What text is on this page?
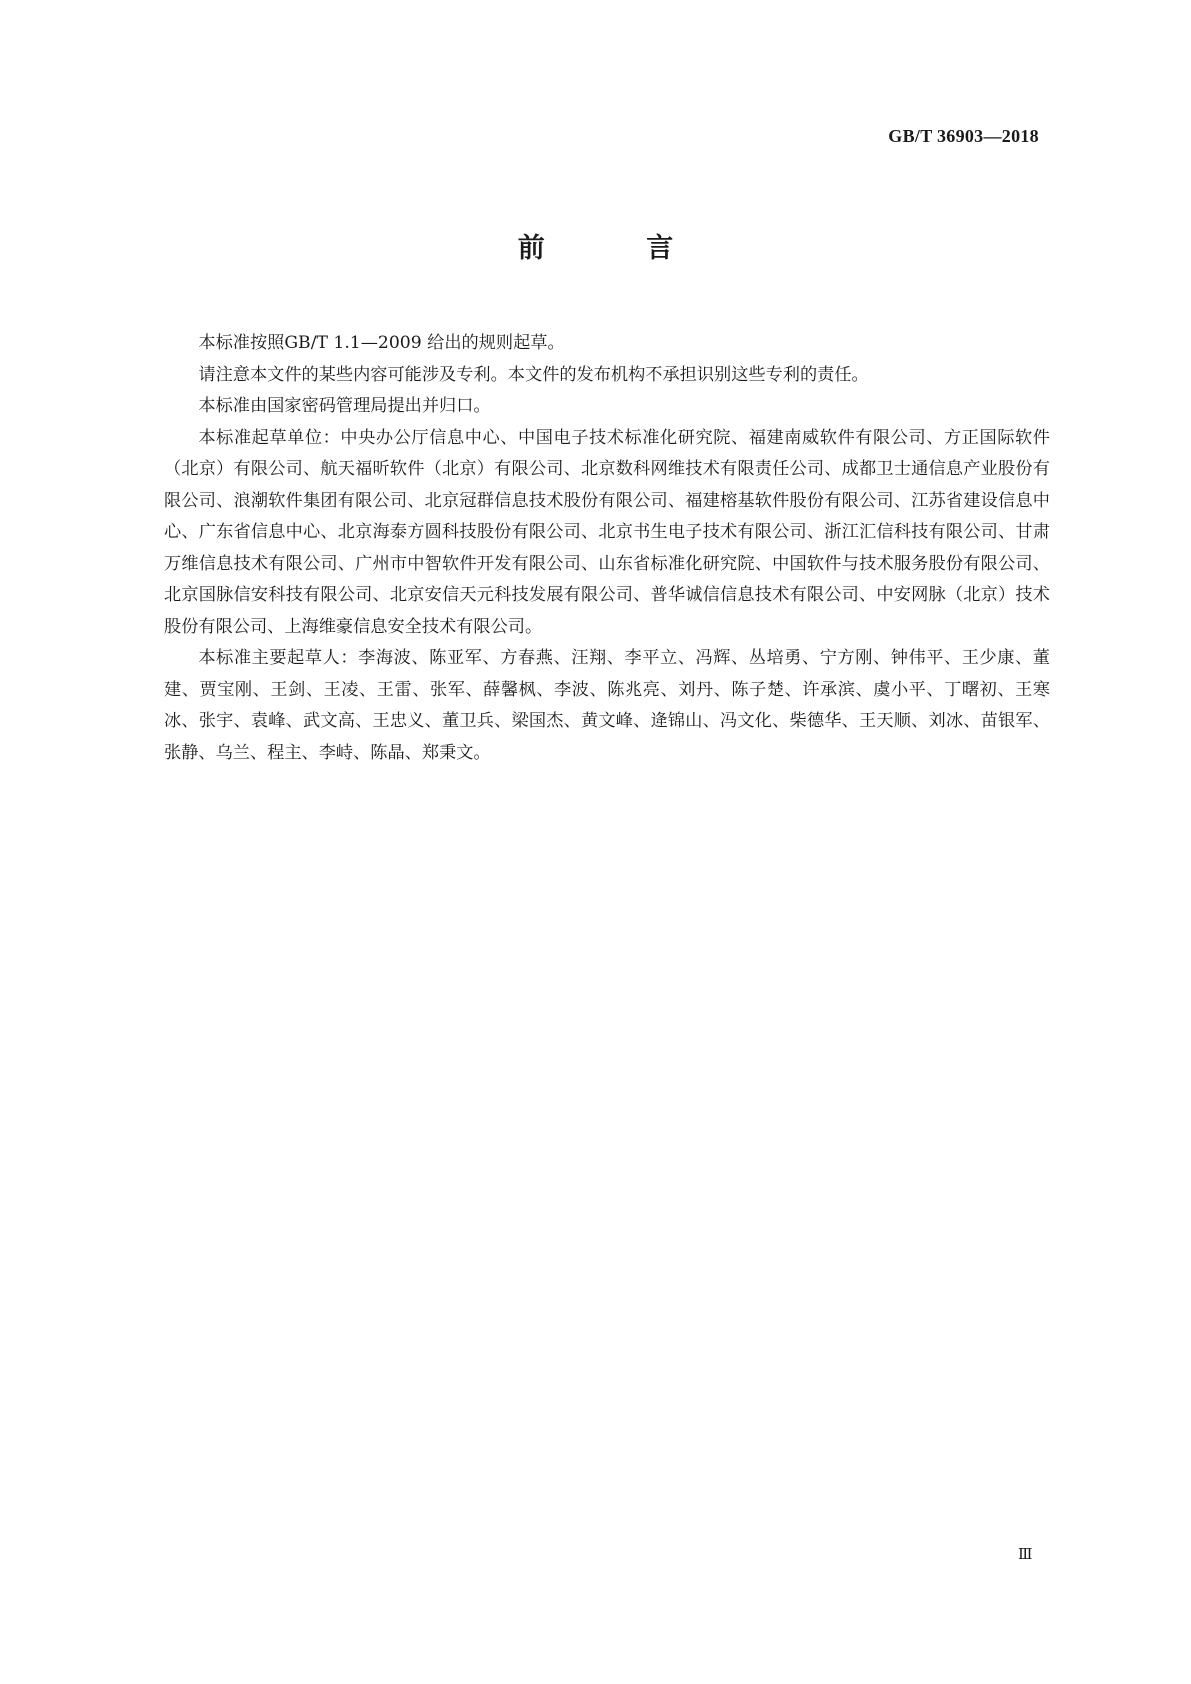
GB/T 36903—2018
前 言

本标准按照GB/T 1.1—2009 给出的规则起草。

请注意本文件的某些内容可能涉及专利。本文件的发布机构不承担识别这些专利的责任。

本标准由国家密码管理局提出并归口。

本标准起草单位：中央办公厅信息中心、中国电子技术标准化研究院、福建南威软件有限公司、方正国际软件（北京）有限公司、航天福昕软件（北京）有限公司、北京数科网维技术有限责任公司、成都卫士通信息产业股份有限公司、浪潮软件集团有限公司、北京冠群信息技术股份有限公司、福建榕基软件股份有限公司、江苏省建设信息中心、广东省信息中心、北京海泰方圆科技股份有限公司、北京书生电子技术有限公司、浙江汇信科技有限公司、甘肃万维信息技术有限公司、广州市中智软件开发有限公司、山东省标准化研究院、中国软件与技术服务股份有限公司、北京国脉信安科技有限公司、北京安信天元科技发展有限公司、普华诚信信息技术有限公司、中安网脉（北京）技术股份有限公司、上海维豪信息安全技术有限公司。

本标准主要起草人：李海波、陈亚军、方春燕、汪翔、李平立、冯辉、丛培勇、宁方刚、钟伟平、王少康、董建、贾宝刚、王剑、王凌、王雷、张军、薛馨枫、李波、陈兆亮、刘丹、陈子楚、许承滨、虞小平、丁曙初、王寒冰、张宇、袁峰、武文高、王忠义、董卫兵、梁国杰、黄文峰、逄锦山、冯文化、柴德华、王天顺、刘冰、苗银军、张静、乌兰、程主、李峙、陈晶、郑秉文。

Ⅲ
